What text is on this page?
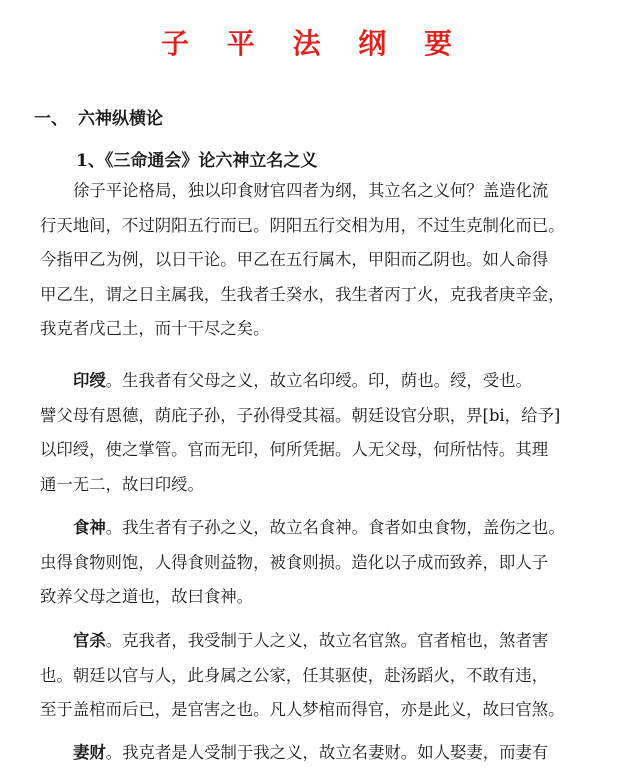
子 平 法 纲 要
一、 六神纵横论
1、《三命通会》论六神立名之义
徐子平论格局，独以印食财官四者为纲，其立名之义何？盖造化流
行天地间，不过阴阳五行而已。阴阳五行交相为用，不过生克制化而已。
今指甲乙为例，以日干论。甲乙在五行属木，甲阳而乙阴也。如人命得
甲乙生，谓之日主属我，生我者壬癸水，我生者丙丁火，克我者庚辛金，
我克者戊己土，而十干尽之矣。
印绶。生我者有父母之义，故立名印绶。印，荫也。绶，受也。
譬父母有恩德，荫庇子孙，子孙得受其福。朝廷设官分职，畀[bi，给予]
以印绶，使之掌管。官而无印，何所凭据。人无父母，何所怙恃。其理
通一无二，故曰印绶。
食神。我生者有子孙之义，故立名食神。食者如虫食物，盖伤之也。
虫得食物则饱，人得食则益物，被食则损。造化以子成而致养，即人子
致养父母之道也，故曰食神。
官杀。克我者，我受制于人之义，故立名官煞。官者棺也，煞者害
也。朝廷以官与人，此身属之公家，任其驱使，赴汤蹈火，不敢有违，
至于盖棺而后已，是官害之也。凡人梦棺而得官，亦是此义，故曰官煞。
妻财。我克者是人受制于我之义，故立名妻财。如人娶妻，而妻有
